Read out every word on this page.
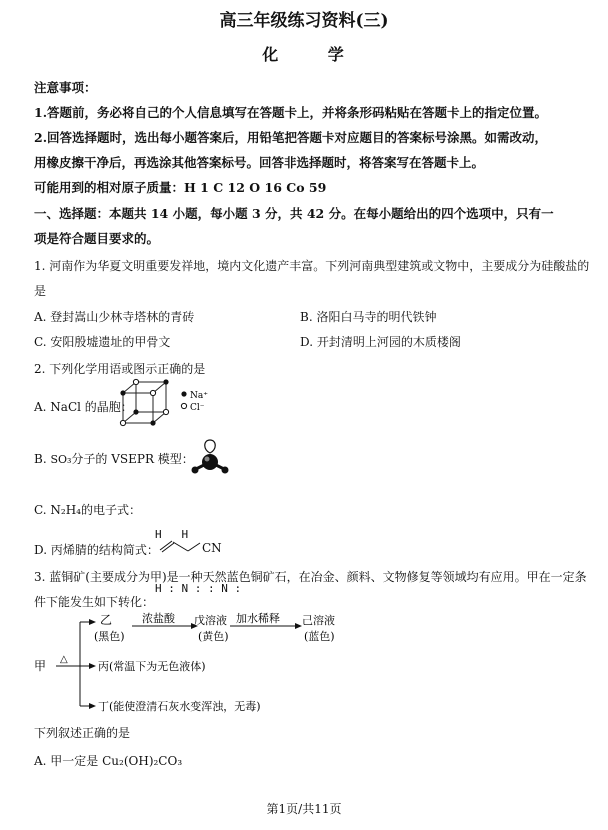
高三年级练习资料(三)
化 学
注意事项：
1.答题前，务必将自己的个人信息填写在答题卡上，并将条形码粘贴在答题卡上的指定位置。
2.回答选择题时，选出每小题答案后，用铅笔把答题卡对应题目的答案标号涂黑。如需改动，
用橡皮擦干净后，再选涂其他答案标号。回答非选择题时，将答案写在答题卡上。
可能用到的相对原子质量：H 1 C 12 O 16 Co 59
一、选择题：本题共 14 小题，每小题 3 分，共 42 分。在每小题给出的四个选项中，只有一
项是符合题目要求的。
1. 河南作为华夏文明重要发祥地，境内文化遗产丰富。下列河南典型建筑或文物中，主要成分为硅酸盐的
是
A. 登封嵩山少林寺塔林的青砖	B. 洛阳白马寺的明代铁钟
C. 安阳殷墟遗址的甲骨文	D. 开封清明上河园的木质楼阁
2. 下列化学用语或图示正确的是
A. NaCl 的晶胞：
Na⁺
Cl⁻
B. SO₃分子的 VSEPR 模型：
C. N₂H₄的电子式：

H   H

H : N : : N :

D. 丙烯腈的结构简式：	CN
3. 蓝铜矿(主要成分为甲)是一种天然蓝色铜矿石，在冶金、颜料、文物修复等领域均有应用。甲在一定条
件下能发生如下转化：
甲 △
乙
(黑色)
浓盐酸 戊溶液
(黄色)
加水稀释 己溶液
(蓝色)
丙(常温下为无色液体)
丁(能使澄清石灰水变浑浊，无毒)
下列叙述正确的是
A. 甲一定是 Cu₂(OH)₂CO₃
第1页/共11页
